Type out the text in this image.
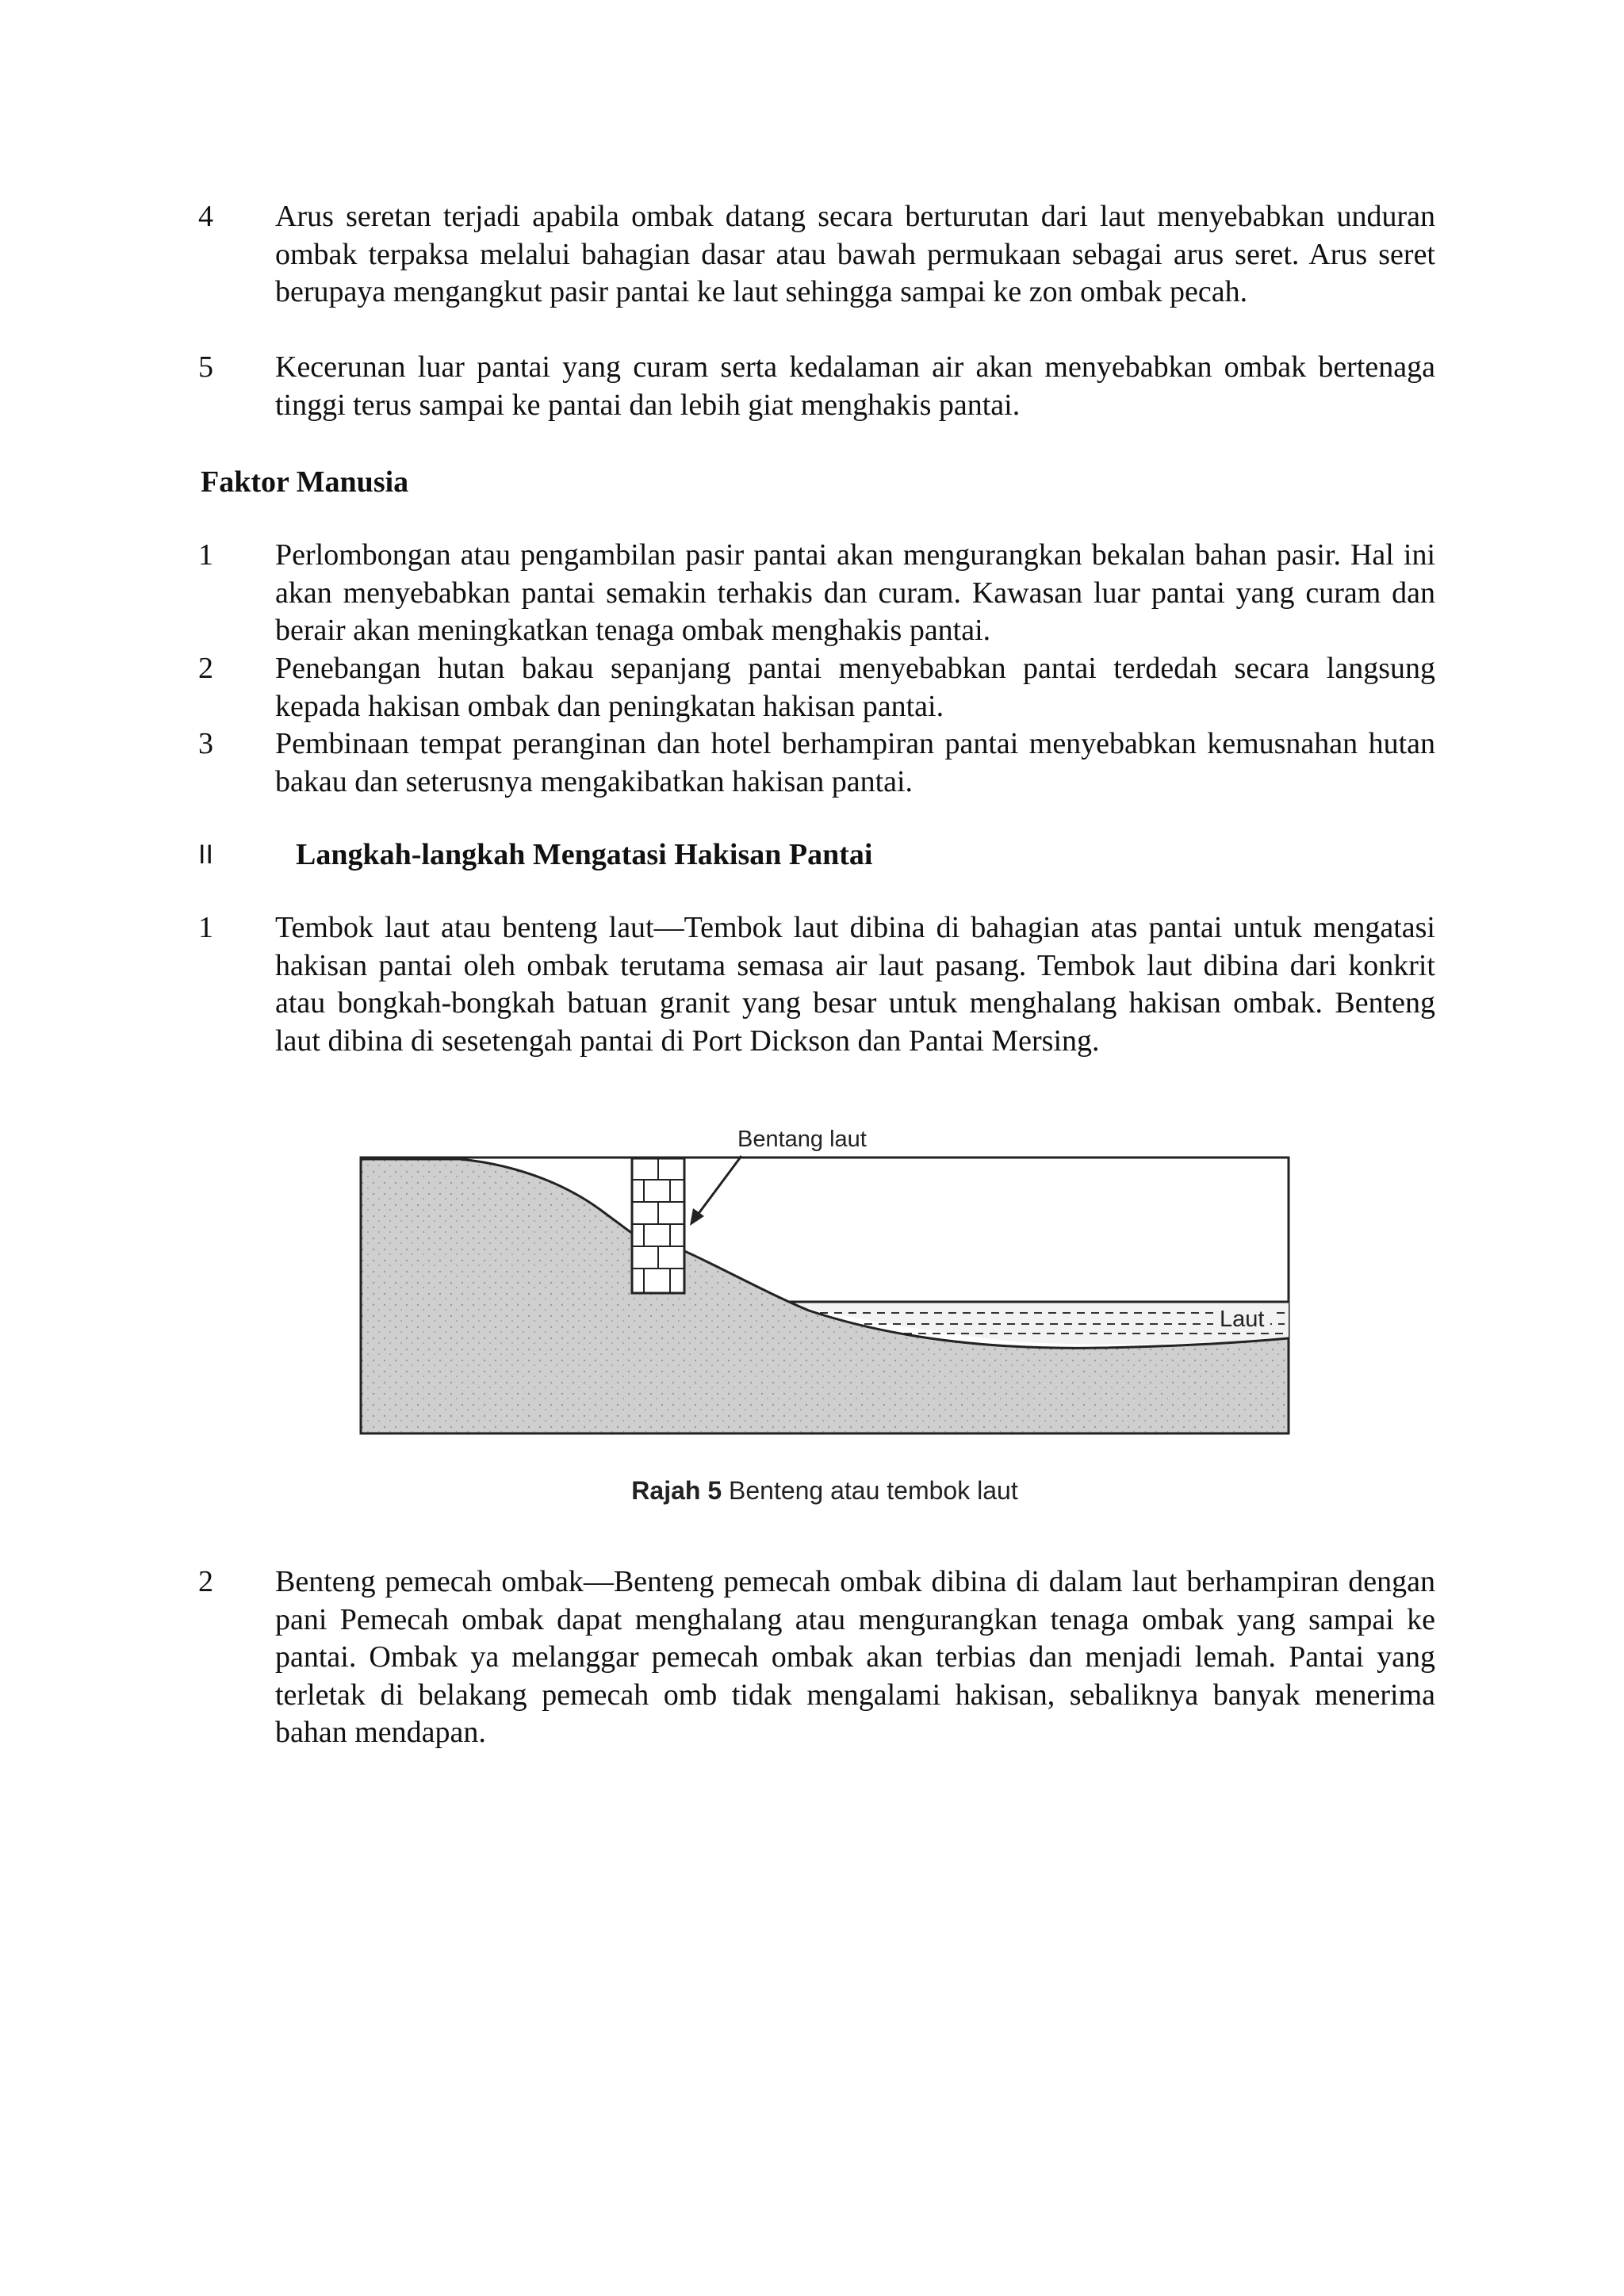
4	Arus seretan terjadi apabila ombak datang secara berturutan dari laut menyebabkan unduran ombak terpaksa melalui bahagian dasar atau bawah permukaan sebagai arus seret. Arus seret berupaya mengangkut pasir pantai ke laut sehingga sampai ke zon ombak pecah.
5	Kecerunan luar pantai yang curam serta kedalaman air akan menyebabkan ombak bertenaga tinggi terus sampai ke pantai dan lebih giat menghakis pantai.
Faktor Manusia
1	Perlombongan atau pengambilan pasir pantai akan mengurangkan bekalan bahan pasir. Hal ini akan menyebabkan pantai semakin terhakis dan curam. Kawasan luar pantai yang curam dan berair akan meningkatkan tenaga ombak menghakis pantai.
2	Penebangan hutan bakau sepanjang pantai menyebabkan pantai terdedah secara langsung kepada hakisan ombak dan peningkatan hakisan pantai.
3	Pembinaan tempat peranginan dan hotel berhampiran pantai menyebabkan kemusnahan hutan bakau dan seterusnya mengakibatkan hakisan pantai.
II	Langkah-langkah Mengatasi Hakisan Pantai
1	Tembok laut atau benteng laut—Tembok laut dibina di bahagian atas pantai untuk mengatasi hakisan pantai oleh ombak terutama semasa air laut pasang. Tembok laut dibina dari konkrit atau bongkah-bongkah batuan granit yang besar untuk menghalang hakisan ombak. Benteng laut dibina di sesetengah pantai di Port Dickson dan Pantai Mersing.
Bentang laut
Laut
Rajah 5 Benteng atau tembok laut
2	Benteng pemecah ombak—Benteng pemecah ombak dibina di dalam laut berhampiran dengan pani Pemecah ombak dapat menghalang atau mengurangkan tenaga ombak yang sampai ke pantai. Ombak ya melanggar pemecah ombak akan terbias dan menjadi lemah. Pantai yang terletak di belakang pemecah omb tidak mengalami hakisan, sebaliknya banyak menerima bahan mendapan.
